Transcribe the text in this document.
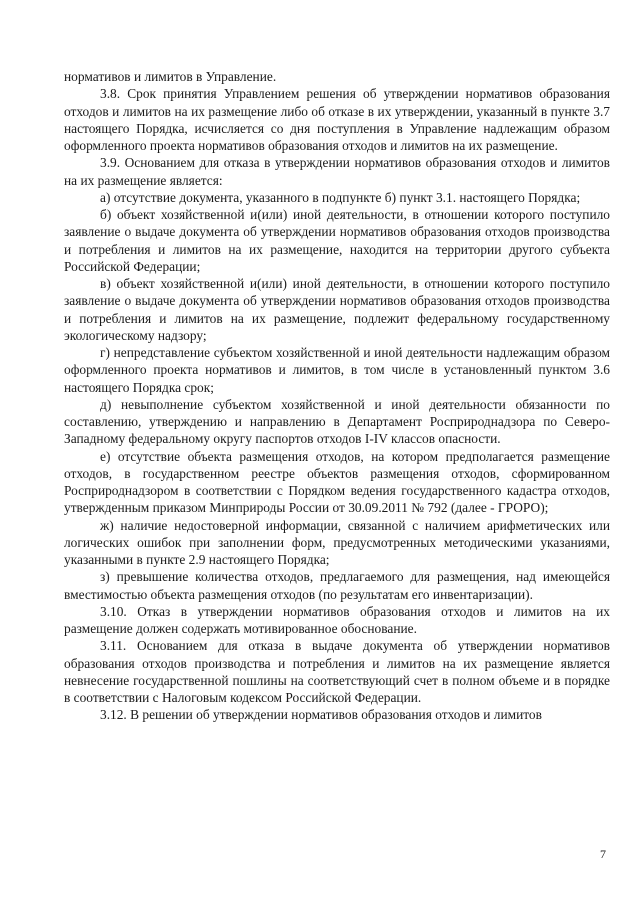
нормативов и лимитов в Управление.

3.8. Срок принятия Управлением решения об утверждении нормативов образования отходов и лимитов на их размещение либо об отказе в их утверждении, указанный в пункте 3.7 настоящего Порядка, исчисляется со дня поступления в Управление надлежащим образом оформленного проекта нормативов образования отходов и лимитов на их размещение.

3.9. Основанием для отказа в утверждении нормативов образования отходов и лимитов на их размещение является:

а) отсутствие документа, указанного в подпункте б) пункт 3.1. настоящего Порядка;

б) объект хозяйственной и(или) иной деятельности, в отношении которого поступило заявление о выдаче документа об утверждении нормативов образования отходов производства и потребления и лимитов на их размещение, находится на территории другого субъекта Российской Федерации;

в) объект хозяйственной и(или) иной деятельности, в отношении которого поступило заявление о выдаче документа об утверждении нормативов образования отходов производства и потребления и лимитов на их размещение, подлежит федеральному государственному экологическому надзору;

г) непредставление субъектом хозяйственной и иной деятельности надлежащим образом оформленного проекта нормативов и лимитов, в том числе в установленный пунктом 3.6 настоящего Порядка срок;

д) невыполнение субъектом хозяйственной и иной деятельности обязанности по составлению, утверждению и направлению в Департамент Росприроднадзора по Северо-Западному федеральному округу паспортов отходов I-IV классов опасности.

е) отсутствие объекта размещения отходов, на котором предполагается размещение отходов, в государственном реестре объектов размещения отходов, сформированном Росприроднадзором в соответствии с Порядком ведения государственного кадастра отходов, утвержденным приказом Минприроды России от 30.09.2011 № 792 (далее - ГРОРО);

ж) наличие недостоверной информации, связанной с наличием арифметических или логических ошибок при заполнении форм, предусмотренных методическими указаниями, указанными в пункте 2.9 настоящего Порядка;

з) превышение количества отходов, предлагаемого для размещения, над имеющейся вместимостью объекта размещения отходов (по результатам его инвентаризации).

3.10. Отказ в утверждении нормативов образования отходов и лимитов на их размещение должен содержать мотивированное обоснование.

3.11. Основанием для отказа в выдаче документа об утверждении нормативов образования отходов производства и потребления и лимитов на их размещение является невнесение государственной пошлины на соответствующий счет в полном объеме и в порядке в соответствии с Налоговым кодексом Российской Федерации.

3.12. В решении об утверждении нормативов образования отходов и лимитов

7
